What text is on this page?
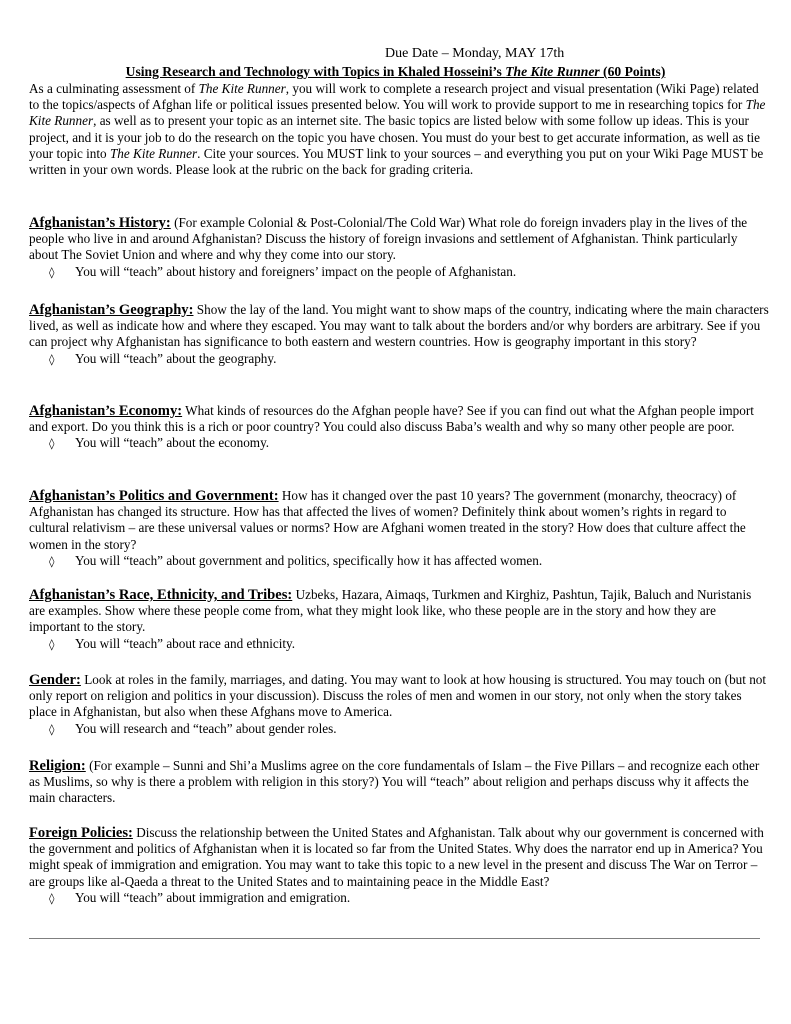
Due Date – Monday, MAY 17th
Using Research and Technology with Topics in Khaled Hosseini’s The Kite Runner (60 Points)

As a culminating assessment of The Kite Runner, you will work to complete a research project and visual presentation (Wiki Page) related to the topics/aspects of Afghan life or political issues presented below. You will work to provide support to me in researching topics for The Kite Runner, as well as to present your topic as an internet site. The basic topics are listed below with some follow up ideas. This is your project, and it is your job to do the research on the topic you have chosen. You must do your best to get accurate information, as well as tie your topic into The Kite Runner. Cite your sources. You MUST link to your sources – and everything you put on your Wiki Page MUST be written in your own words. Please look at the rubric on the back for grading criteria.

Afghanistan’s History: (For example Colonial & Post-Colonial/The Cold War) What role do foreign invaders play in the lives of the people who live in and around Afghanistan? Discuss the history of foreign invasions and settlement of Afghanistan. Think particularly about The Soviet Union and where and why they come into our story.

◊ You will “teach” about history and foreigners’ impact on the people of Afghanistan.

Afghanistan’s Geography: Show the lay of the land. You might want to show maps of the country, indicating where the main characters lived, as well as indicate how and where they escaped. You may want to talk about the borders and/or why borders are arbitrary. See if you can project why Afghanistan has significance to both eastern and western countries. How is geography important in this story?

◊ You will “teach” about the geography.

Afghanistan’s Economy: What kinds of resources do the Afghan people have? See if you can find out what the Afghan people import and export. Do you think this is a rich or poor country? You could also discuss Baba’s wealth and why so many other people are poor.

◊ You will “teach” about the economy.

Afghanistan’s Politics and Government: How has it changed over the past 10 years? The government (monarchy, theocracy) of Afghanistan has changed its structure. How has that affected the lives of women? Definitely think about women’s rights in regard to cultural relativism – are these universal values or norms? How are Afghani women treated in the story? How does that culture affect the women in the story?

◊ You will “teach” about government and politics, specifically how it has affected women.

Afghanistan’s Race, Ethnicity, and Tribes: Uzbeks, Hazara, Aimaqs, Turkmen and Kirghiz, Pashtun, Tajik, Baluch and Nuristanis are examples. Show where these people come from, what they might look like, who these people are in the story and how they are important to the story.

◊ You will “teach” about race and ethnicity.

Gender: Look at roles in the family, marriages, and dating. You may want to look at how housing is structured. You may touch on (but not only report on religion and politics in your discussion). Discuss the roles of men and women in our story, not only when the story takes place in Afghanistan, but also when these Afghans move to America.

◊ You will research and “teach” about gender roles.

Religion: (For example – Sunni and Shi’a Muslims agree on the core fundamentals of Islam – the Five Pillars – and recognize each other as Muslims, so why is there a problem with religion in this story?) You will “teach” about religion and perhaps discuss why it affects the main characters.

Foreign Policies: Discuss the relationship between the United States and Afghanistan. Talk about why our government is concerned with the government and politics of Afghanistan when it is located so far from the United States. Why does the narrator end up in America? You might speak of immigration and emigration. You may want to take this topic to a new level in the present and discuss The War on Terror – are groups like al-Qaeda a threat to the United States and to maintaining peace in the Middle East?

◊ You will “teach” about immigration and emigration.
